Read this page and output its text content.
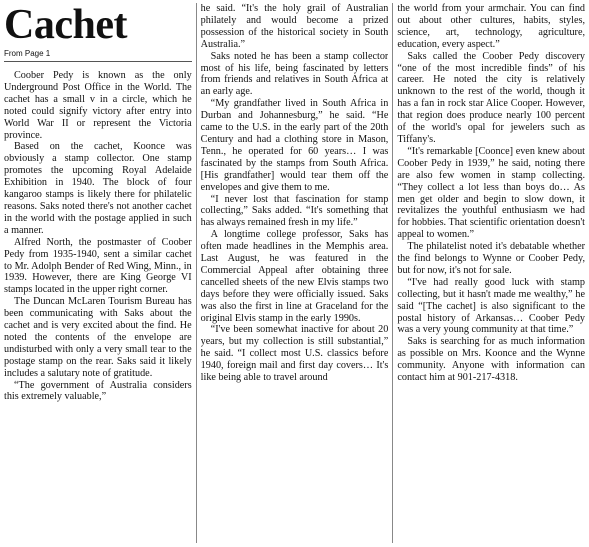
Cachet
From Page 1

Coober Pedy is known as the only Underground Post Office in the World. The cachet has a small v in a circle, which he noted could signify victory after entry into World War II or represent the Victoria province.

Based on the cachet, Koonce was obviously a stamp collector. One stamp promotes the upcoming Royal Adelaide Exhibition in 1940. The block of four kangaroo stamps is likely there for philatelic reasons. Saks noted there's not another cachet in the world with the postage applied in such a manner.

Alfred North, the postmaster of Coober Pedy from 1935-1940, sent a similar cachet to Mr. Adolph Bender of Red Wing, Minn., in 1939. However, there are King George VI stamps located in the upper right corner.

The Duncan McLaren Tourism Bureau has been communicating with Saks about the cachet and is very excited about the find. He noted the contents of the envelope are undisturbed with only a very small tear to the postage stamp on the rear. Saks said it likely includes a salutary note of gratitude.

“The government of Australia considers this extremely valuable,”

he said. “It's the holy grail of Australian philately and would become a prized possession of the historical society in South Australia.”

Saks noted he has been a stamp collector most of his life, being fascinated by letters from friends and relatives in South Africa at an early age.

“My grandfather lived in South Africa in Durban and Johannesburg,” he said. “He came to the U.S. in the early part of the 20th Century and had a clothing store in Mason, Tenn., he operated for 60 years… I was fascinated by the stamps from South Africa. [His grandfather] would tear them off the envelopes and give them to me.

“I never lost that fascination for stamp collecting,” Saks added. “It's something that has always remained fresh in my life.”

A longtime college professor, Saks has often made headlines in the Memphis area. Last August, he was featured in the Commercial Appeal after obtaining three cancelled sheets of the new Elvis stamps two days before they were officially issued. Saks was also the first in line at Graceland for the original Elvis stamp in the early 1990s.

“I've been somewhat inactive for about 20 years, but my collection is still substantial,” he said. “I collect most U.S. classics before 1940, foreign mail and first day covers… It's like being able to travel around

the world from your armchair. You can find out about other cultures, habits, styles, science, art, technology, agriculture, education, every aspect.”

Saks called the Coober Pedy discovery “one of the most incredible finds” of his career. He noted the city is relatively unknown to the rest of the world, though it has a fan in rock star Alice Cooper. However, that region does produce nearly 100 percent of the world's opal for jewelers such as Tiffany's.

“It's remarkable [Coonce] even knew about Coober Pedy in 1939,” he said, noting there are also few women in stamp collecting. “They collect a lot less than boys do… As men get older and begin to slow down, it revitalizes the youthful enthusiasm we had for hobbies. That scientific orientation doesn't appeal to women.”

The philatelist noted it's debatable whether the find belongs to Wynne or Coober Pedy, but for now, it's not for sale.

“I've had really good luck with stamp collecting, but it hasn't made me wealthy,” he said “[The cachet] is also significant to the postal history of Arkansas… Coober Pedy was a very young community at that time.”

Saks is searching for as much information as possible on Mrs. Koonce and the Wynne community. Anyone with information can contact him at 901-217-4318.
